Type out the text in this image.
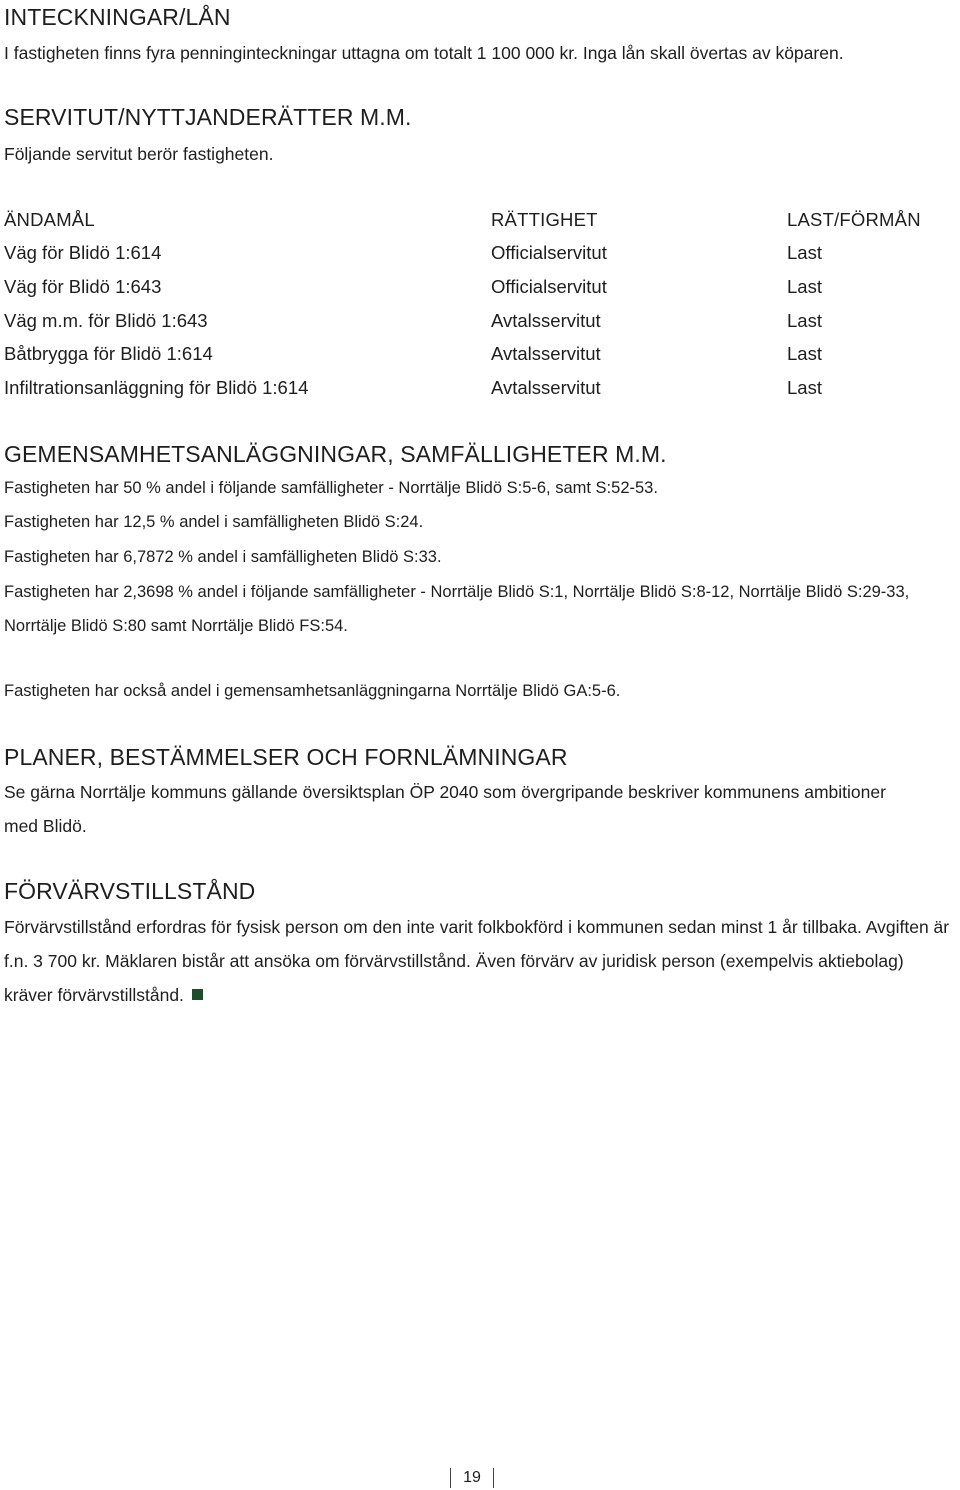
INTECKNINGAR/LÅN

I fastigheten finns fyra penninginteckningar uttagna om totalt 1 100 000 kr. Inga lån skall övertas av köparen.

SERVITUT/NYTTJANDERÄTTER M.M.

Följande servitut berör fastigheten.

ÄNDAMÅL	RÄTTIGHET	LAST/FÖRMÅN
Väg för Blidö 1:614	Officialservitut	Last
Väg för Blidö 1:643	Officialservitut	Last
Väg m.m. för Blidö 1:643	Avtalsservitut	Last
Båtbrygga för Blidö 1:614	Avtalsservitut	Last
Infiltrationsanläggning för Blidö 1:614	Avtalsservitut	Last
GEMENSAMHETSANLÄGGNINGAR, SAMFÄLLIGHETER M.M.

Fastigheten har 50 % andel i följande samfälligheter - Norrtälje Blidö S:5-6, samt S:52-53.

Fastigheten har 12,5 % andel i samfälligheten Blidö S:24.

Fastigheten har 6,7872 % andel i samfälligheten Blidö S:33.

Fastigheten har 2,3698 % andel i följande samfälligheter - Norrtälje Blidö S:1, Norrtälje Blidö S:8-12, Norrtälje Blidö S:29-33, Norrtälje Blidö S:80 samt Norrtälje Blidö FS:54.

Fastigheten har också andel i gemensamhetsanläggningarna Norrtälje Blidö GA:5-6.

PLANER, BESTÄMMELSER OCH FORNLÄMNINGAR

Se gärna Norrtälje kommuns gällande översiktsplan ÖP 2040 som övergripande beskriver kommunens ambitioner med Blidö.

FÖRVÄRVSTILLSTÅND

Förvärvstillstånd erfordras för fysisk person om den inte varit folkbokförd i kommunen sedan minst 1 år tillbaka. Avgiften är f.n. 3 700 kr. Mäklaren bistår att ansöka om förvärvstillstånd. Även förvärv av juridisk person (exempelvis aktiebolag) kräver förvärvstillstånd.

19
